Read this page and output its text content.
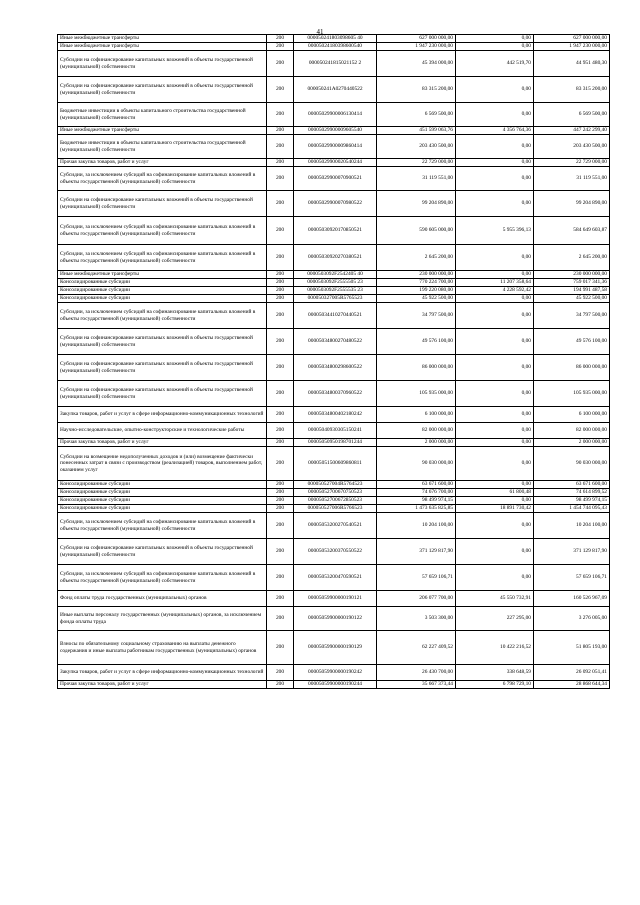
41
Иные межбюджетные трансферты	200	000050241803098605 40	627 000 000,00	0,00	627 000 000,00
Иные межбюджетные трансферты	200	00005024180398600540	1 947 230 000,00	0,00	1 947 230 000,00
Субсидии на софинансирование капитальных вложений в объекты государственной (муниципальной) собственности	200	000050241815021152 2	45 394 000,00	442 519,70	44 951 480,30
Субсидии на софинансирование капитальных вложений в объекты государственной (муниципальной) собственности	200	000050241А0270440522	83 315 200,00	0,00	83 315 200,00
Бюджетные инвестиции в объекты капитального строительства государственной (муниципальной) собственности	200	00005029900006130414	6 569 500,00	0,00	6 569 500,00
Иные межбюджетные трансферты	200	00005029900009605540	451 599 063,76	4 356 764,36	447 242 299,40
Бюджетные инвестиции в объекты капитального строительства государственной (муниципальной) собственности	200	00005029900009860414	203 430 500,00	0,00	203 430 500,00
Прочая закупка товаров, работ и услуг	200	00005029900020540244	22 729 000,00	0,00	22 729 000,00
Субсидии, за исключением субсидий на софинансирование капитальных вложений в объекты государственной (муниципальной) собственности	200	00005029900070900521	31 119 551,00	0,00	31 119 551,00
Субсидии на софинансирование капитальных вложений в объекты государственной (муниципальной) собственности	200	00005029900070980522	99 204 890,00	0,00	99 204 890,00
Субсидии, за исключением субсидий на софинансирование капитальных вложений в объекты государственной (муниципальной) собственности	200	00005030920170850521	590 605 000,00	5 955 396,13	584 649 603,87
Субсидии, за исключением субсидий на софинансирование капитальных вложений в объекты государственной (муниципальной) собственности	200	00005030920270380521	2 645 200,00	0,00	2 645 200,00
Иные межбюджетные трансферты	200	0000503092F2542405 40	230 000 000,00	0,00	230 000 000,00
Консолидированные субсидии	200	0000503092F2555505 23	770 224 700,00	11 207 358,64	759 017 341,36
Консолидированные субсидии	200	0000503092F2555535 23	199 220 080,00	4 228 592,42	194 991 487,58
Консолидированные субсидии	200	000050327005R5765523	45 922 500,00	0,00	45 922 500,00
Субсидии, за исключением субсидий на софинансирование капитальных вложений в объекты государственной (муниципальной) собственности	200	00005034410270440521	34 797 500,00	0,00	34 797 500,00
Субсидии на софинансирование капитальных вложений в объекты государственной (муниципальной) собственности	200	00005034800270480522	49 576 100,00	0,00	49 576 100,00
Субсидии на софинансирование капитальных вложений в объекты государственной (муниципальной) собственности	200	00005034800298600522	86 000 000,00	0,00	86 000 000,00
Субсидии на софинансирование капитальных вложений в объекты государственной (муниципальной) собственности	200	00005034800370960522	105 935 000,00	0,00	105 935 000,00
Закупка товаров, работ и услуг в сфере информационно-коммуникационных технологий	200	00005034800402180242	6 100 000,00	0,00	6 100 000,00
Научно-исследовательские, опытно-конструкторские и технологические работы	200	00005040930305150241	82 000 000,00	0,00	82 000 000,00
Прочая закупка товаров, работ и услуг	200	00005050950198701244	2 000 000,00	0,00	2 000 000,00
Субсидии на возмещение недополученных доходов и (или) возмещение фактически понесенных затрат в связи с производством (реализацией) товаров, выполнением работ, оказанием услуг	200	00005051500609860811	90 030 000,00	0,00	90 030 000,00
Консолидированные субсидии	200	000050527004R5764523	63 671 600,00	0,00	63 671 600,00
Консолидированные субсидии	200	00005052700670750523	74 676 700,00	61 800,48	74 614 899,52
Консолидированные субсидии	200	00005052700672850523	98 499 974,15	0,00	98 499 974,15
Консолидированные субсидии	200	000050527006R5766523	1 473 635 825,85	18 891 730,42	1 454 744 095,43
Субсидии, за исключением субсидий на софинансирование капитальных вложений в объекты государственной (муниципальной) собственности	200	00005053200270540521	10 204 100,00	0,00	10 204 100,00
Субсидии на софинансирование капитальных вложений в объекты государственной (муниципальной) собственности	200	00005053200370550522	371 129 817,90	0,00	371 129 817,90
Субсидии, за исключением субсидий на софинансирование капитальных вложений в объекты государственной (муниципальной) собственности	200	00005053200470590521	57 659 106,71	0,00	57 659 106,71
Фонд оплаты труда государственных (муниципальных) органов	200	00005059900000190121	206 077 700,00	45 550 732,91	160 526 967,09
Иные выплаты персоналу государственных (муниципальных) органов, за исключением фонда оплаты труда	200	00005059900000190122	3 503 300,00	227 295,00	3 276 005,00
Взносы по обязательному социальному страхованию на выплаты денежного содержания и иные выплаты работникам государственных (муниципальных) органов	200	00005059900000190129	62 227 409,52	10 422 216,52	51 805 193,00
Закупка товаров, работ и услуг в сфере информационно-коммуникационных технологий	200	00005059900000190242	26 430 700,00	338 648,59	26 092 051,41
Прочая закупка товаров, работ и услуг	200	00005059900000190244	35 667 373,44	6 798 729,10	28 868 644,34
